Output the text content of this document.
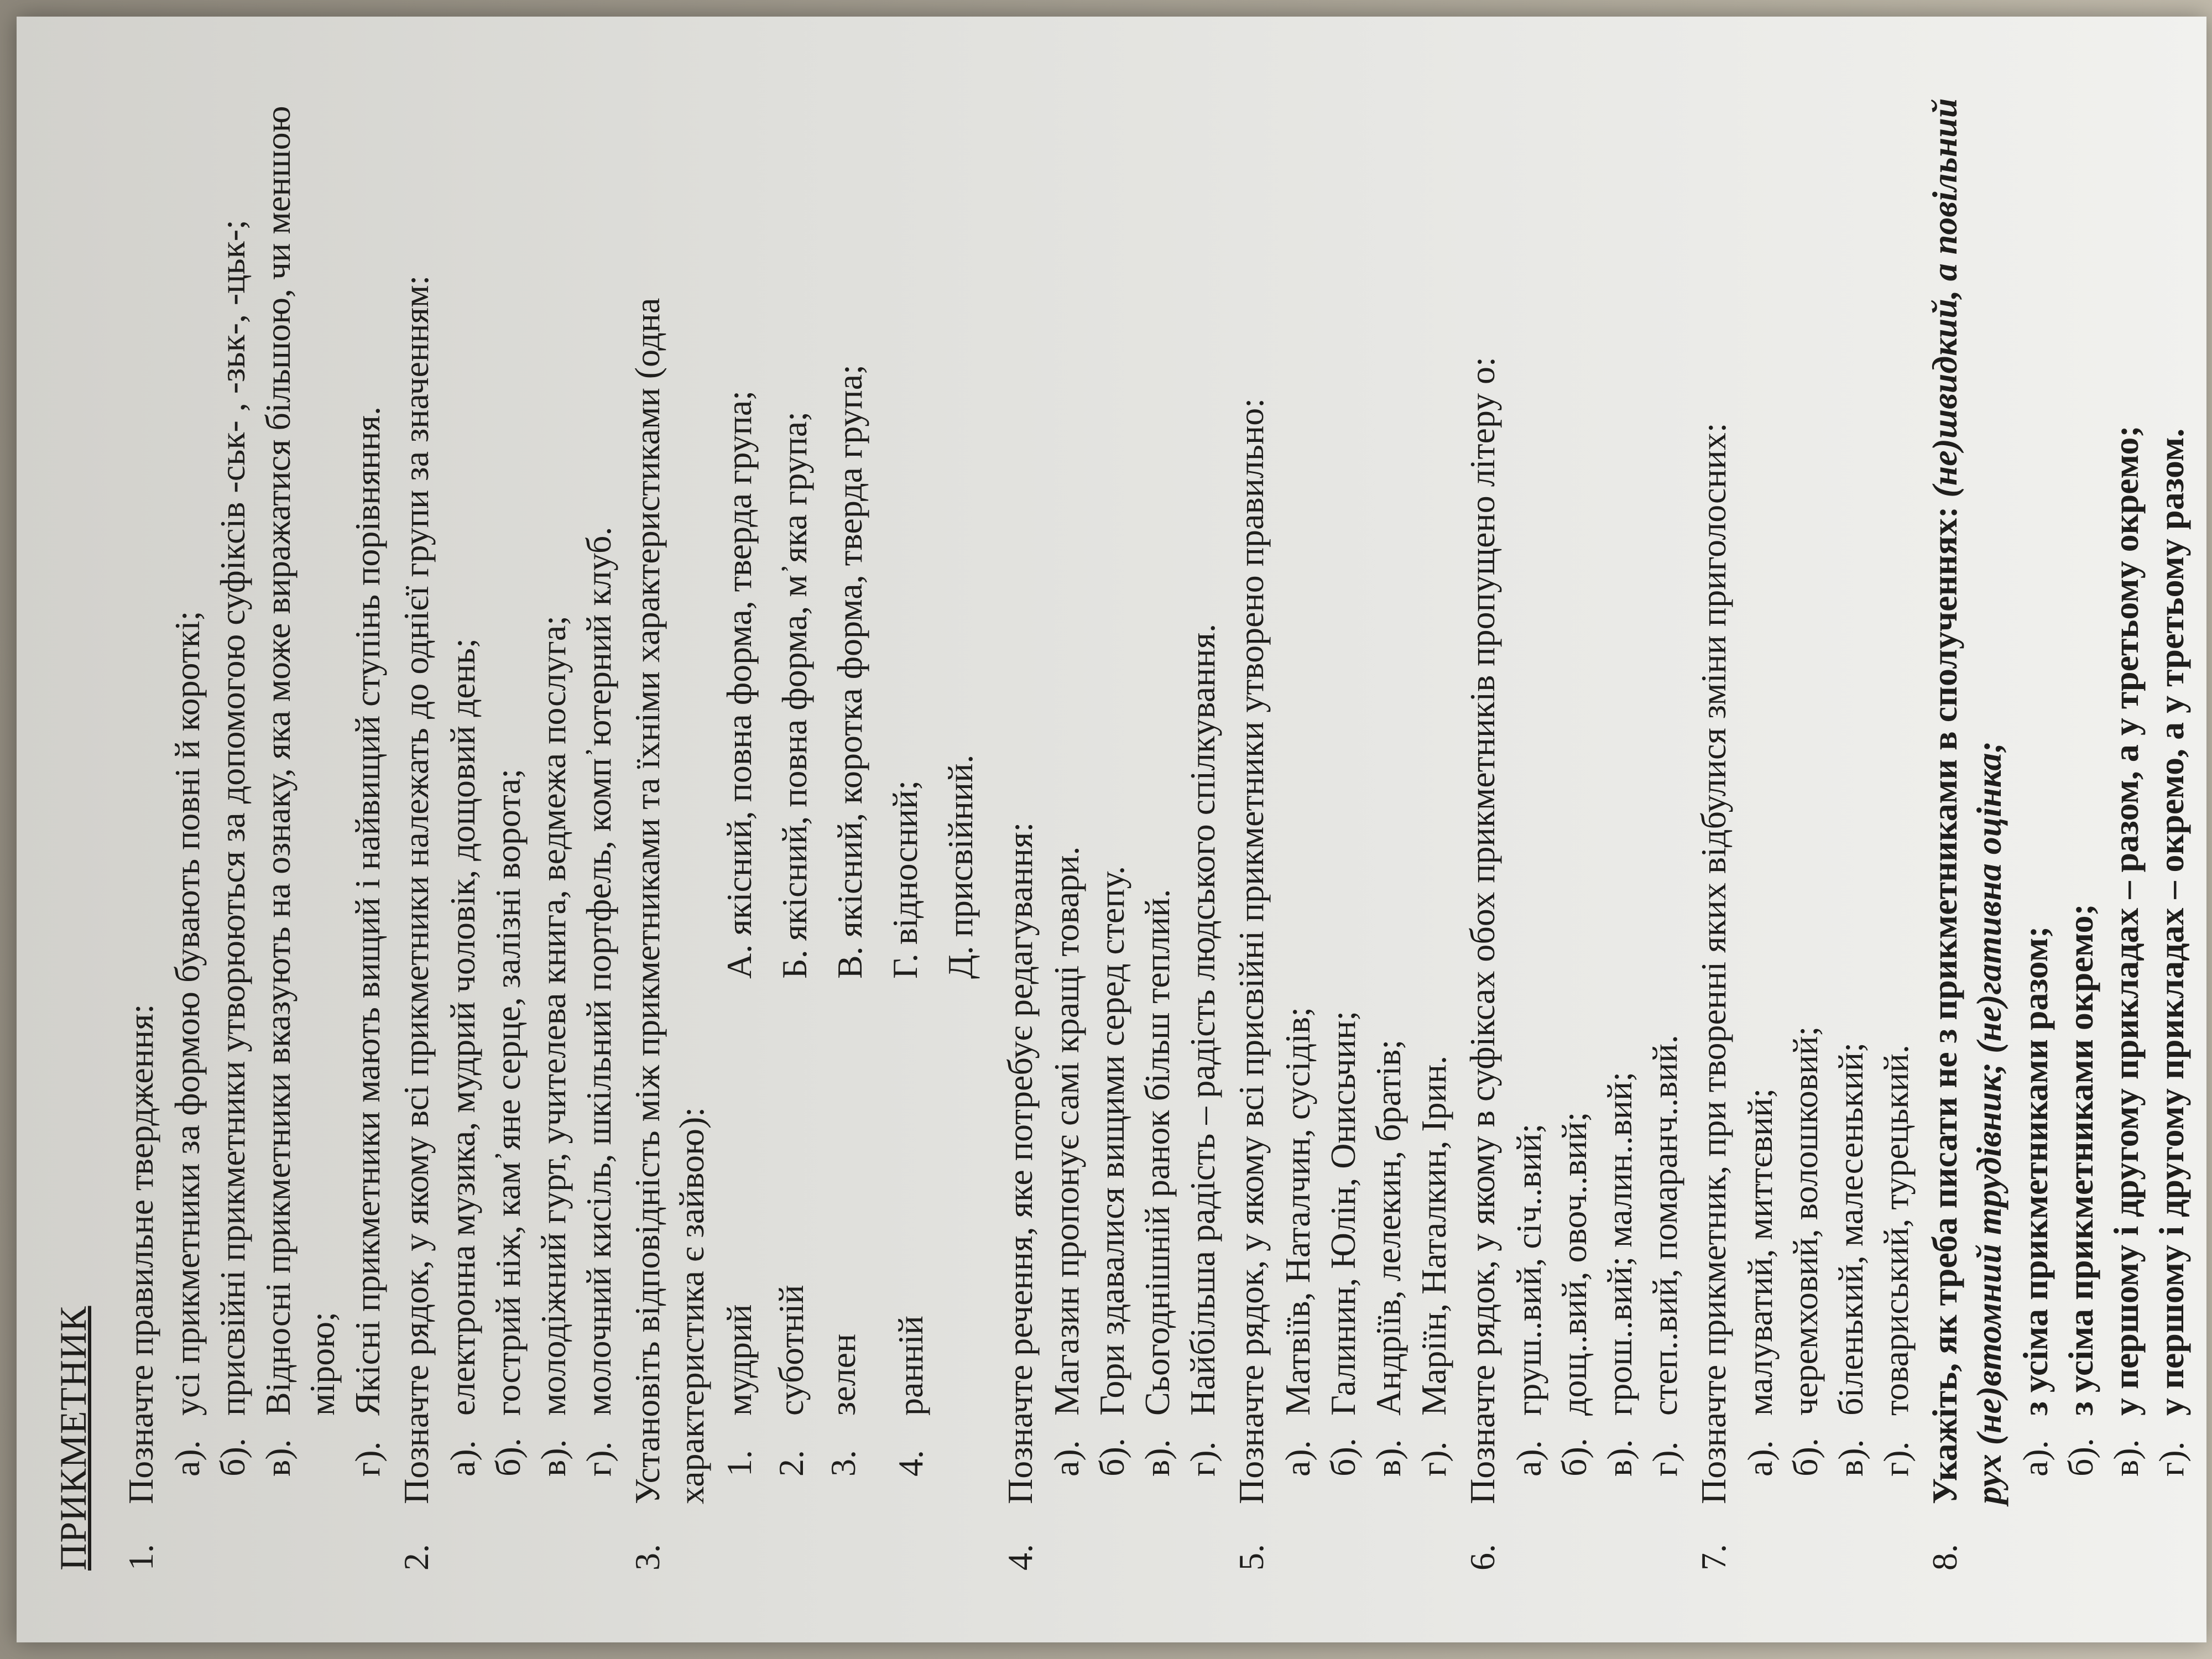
ПРИКМЕТНИК 1.
Позначте правильне твердження: а).
усі прикметники за формою бувають повні й короткі;
б).
присвійні прикметники утворюються за допомогою суфіксів -ськ- , -зьк-, -цьк-;
в).
Відносні прикметники вказують на ознаку, яка може виражатися більшою, чи меншою мірою;
г).
Якісні прикметники мають вищий і найвищий ступінь порівняння.
2.
Позначте рядок, у якому всі прикметники належать до однієї групи за значенням: а).
електронна музика, мудрий чоловік, дощовий день;
б).
гострий ніж, кам᾽яне серце, залізні ворота;
в).
молодіжний гурт, учителева книга, ведмежа послуга;
г).
молочний кисіль, шкільний портфель, комп᾽ютерний клуб.
3.
Установіть відповідність між прикметниками та їхніми характеристиками (одна характеристика є зайвою): 1.
мудрий
2.
суботній
3.
зелен
4.
ранній
А. якісний, повна форма, тверда група; Б. якісний, повна форма, м᾽яка група; В. якісний, коротка форма, тверда група; Г. відносний; Д. присвійний.
4.
Позначте речення, яке потребує редагування: а).
Магазин пропонує самі кращі товари.
б).
Гори здавалися вищими серед степу.
в).
Сьогоднішній ранок більш теплий.
г).
Найбільша радість – радість людського спілкування.
5.
Позначте рядок, у якому всі присвійні прикметники утворено правильно: а).
Матвіїв, Наталчин, сусідів;
б).
Галинин, Юлін, Онисьчин;
в).
Андріїв, лелекин, братів;
г).
Маріїн, Наталкин, Ірин.
6.
Позначте рядок, у якому в суфіксах обох прикметників пропущено літеру о: а).
груш..вий, січ..вий;
б).
дощ..вий, овоч..вий;
в).
грош..вий; малин..вий;
г).
степ..вий, помаранч..вий.
7.
Позначте прикметник, при творенні яких відбулися зміни приголосних: а).
малуватий, миттєвий;
б).
черемховий, волошковий;
в).
біленький, малесенький;
г).
товариський, турецький.
8.
Укажіть, як треба писати не з прикметниками в сполученнях: (не)швидкий, а повільний рух (не)втомний трудівник; (не)гативна оцінка; а).
з усіма прикметниками разом;
б).
з усіма прикметниками окремо;
в).
у першому і другому прикладах – разом, а у третьому окремо;
г).
у першому і другому прикладах – окремо, а у третьому разом.
